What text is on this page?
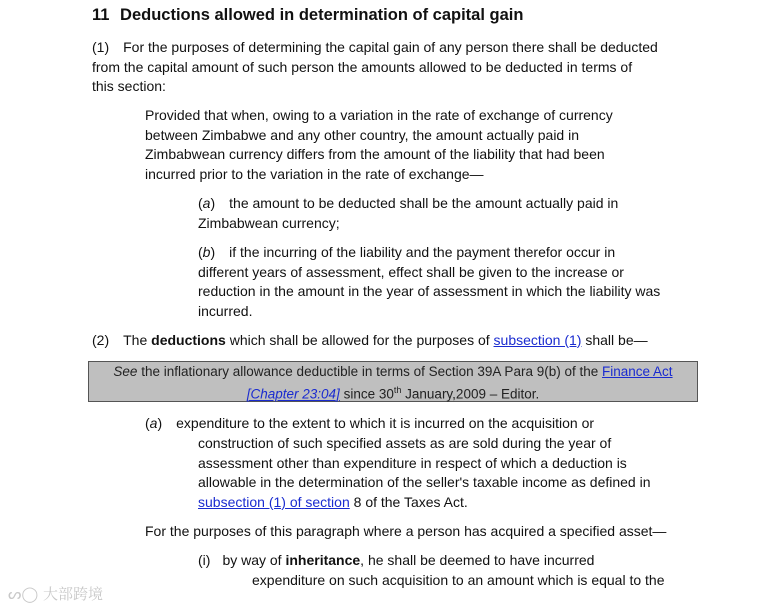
11 Deductions allowed in determination of capital gain
(1) For the purposes of determining the capital gain of any person there shall be deducted
from the capital amount of such person the amounts allowed to be deducted in terms of
this section:
Provided that when, owing to a variation in the rate of exchange of currency
between Zimbabwe and any other country, the amount actually paid in
Zimbabwean currency differs from the amount of the liability that had been
incurred prior to the variation in the rate of exchange—
(a) the amount to be deducted shall be the amount actually paid in
Zimbabwean currency;
(b) if the incurring of the liability and the payment therefor occur in
different years of assessment, effect shall be given to the increase or
reduction in the amount in the year of assessment in which the liability was
incurred.
(2) The deductions which shall be allowed for the purposes of subsection (1) shall be—
See the inflationary allowance deductible in terms of Section 39A Para 9(b) of the Finance Act
[Chapter 23:04] since 30th January,2009 – Editor.
(a) expenditure to the extent to which it is incurred on the acquisition or
construction of such specified assets as are sold during the year of
assessment other than expenditure in respect of which a deduction is
allowable in the determination of the seller's taxable income as defined in
subsection (1) of section 8 of the Taxes Act.
For the purposes of this paragraph where a person has acquired a specified asset—
(i) by way of inheritance, he shall be deemed to have incurred
expenditure on such acquisition to an amount which is equal to the
ᔕ◯ 大部跨境
